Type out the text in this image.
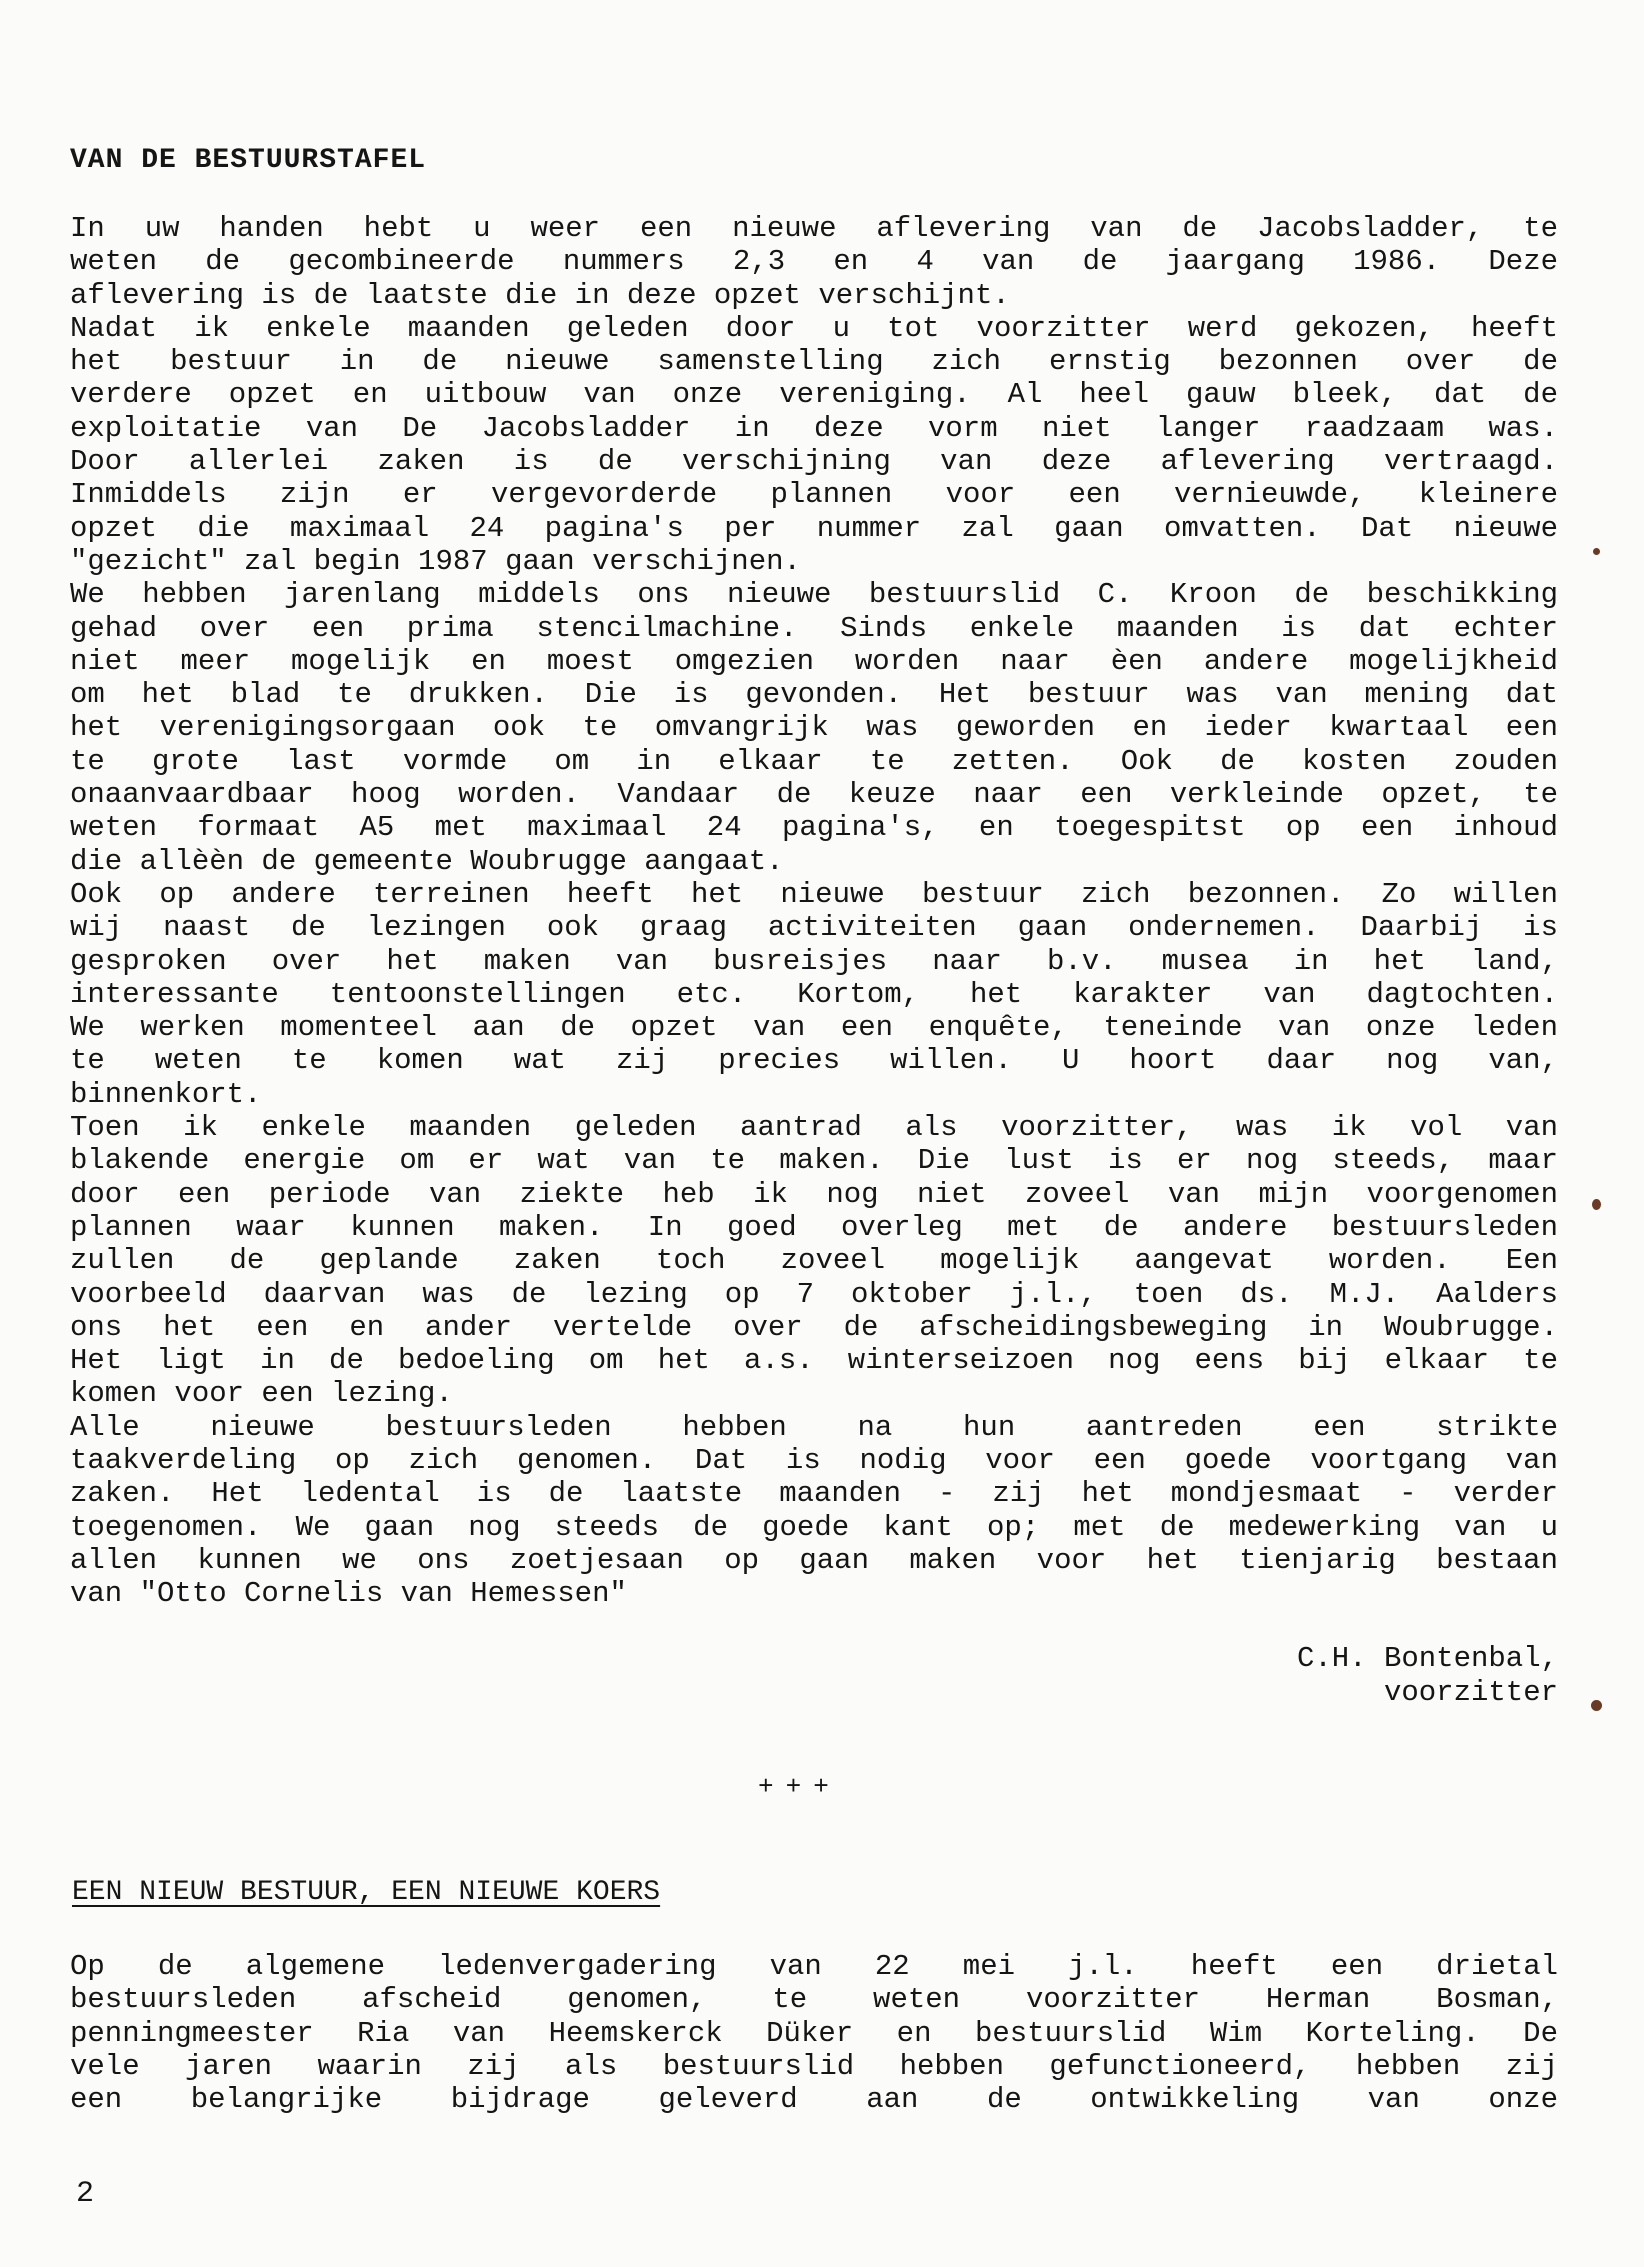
VAN DE BESTUURSTAFEL
In uw handen hebt u weer een nieuwe aflevering van de Jacobsladder, te
weten de gecombineerde nummers 2,3 en 4 van de jaargang 1986. Deze
aflevering is de laatste die in deze opzet verschijnt.
Nadat ik enkele maanden geleden door u tot voorzitter werd gekozen, heeft
het bestuur in de nieuwe samenstelling zich ernstig bezonnen over de
verdere opzet en uitbouw van onze vereniging. Al heel gauw bleek, dat de
exploitatie van De Jacobsladder in deze vorm niet langer raadzaam was.
Door allerlei zaken is de verschijning van deze aflevering vertraagd.
Inmiddels zijn er vergevorderde plannen voor een vernieuwde, kleinere
opzet die maximaal 24 pagina's per nummer zal gaan omvatten. Dat nieuwe
"gezicht" zal begin 1987 gaan verschijnen.
We hebben jarenlang middels ons nieuwe bestuurslid C. Kroon de beschikking
gehad over een prima stencilmachine. Sinds enkele maanden is dat echter
niet meer mogelijk en moest omgezien worden naar èen andere mogelijkheid
om het blad te drukken. Die is gevonden. Het bestuur was van mening dat
het verenigingsorgaan ook te omvangrijk was geworden en ieder kwartaal een
te grote last vormde om in elkaar te zetten. Ook de kosten zouden
onaanvaardbaar hoog worden. Vandaar de keuze naar een verkleinde opzet, te
weten formaat A5 met maximaal 24 pagina's, en toegespitst op een inhoud
die allèèn de gemeente Woubrugge aangaat.
Ook op andere terreinen heeft het nieuwe bestuur zich bezonnen. Zo willen
wij naast de lezingen ook graag activiteiten gaan ondernemen. Daarbij is
gesproken over het maken van busreisjes naar b.v. musea in het land,
interessante tentoonstellingen etc. Kortom, het karakter van dagtochten.
We werken momenteel aan de opzet van een enquête, teneinde van onze leden
te weten te komen wat zij precies willen. U hoort daar nog van,
binnenkort.
Toen ik enkele maanden geleden aantrad als voorzitter, was ik vol van
blakende energie om er wat van te maken. Die lust is er nog steeds, maar
door een periode van ziekte heb ik nog niet zoveel van mijn voorgenomen
plannen waar kunnen maken. In goed overleg met de andere bestuursleden
zullen de geplande zaken toch zoveel mogelijk aangevat worden. Een
voorbeeld daarvan was de lezing op 7 oktober j.l., toen ds. M.J. Aalders
ons het een en ander vertelde over de afscheidingsbeweging in Woubrugge.
Het ligt in de bedoeling om het a.s. winterseizoen nog eens bij elkaar te
komen voor een lezing.
Alle nieuwe bestuursleden hebben na hun aantreden een strikte
taakverdeling op zich genomen. Dat is nodig voor een goede voortgang van
zaken. Het ledental is de laatste maanden - zij het mondjesmaat - verder
toegenomen. We gaan nog steeds de goede kant op; met de medewerking van u
allen kunnen we ons zoetjesaan op gaan maken voor het tienjarig bestaan
van "Otto Cornelis van Hemessen"
C.H. Bontenbal,
voorzitter
+++
EEN NIEUW BESTUUR, EEN NIEUWE KOERS
Op de algemene ledenvergadering van 22 mei j.l. heeft een drietal
bestuursleden afscheid genomen, te weten voorzitter Herman Bosman,
penningmeester Ria van Heemskerck Düker en bestuurslid Wim Korteling. De
vele jaren waarin zij als bestuurslid hebben gefunctioneerd, hebben zij
een belangrijke bijdrage geleverd aan de ontwikkeling van onze
2
